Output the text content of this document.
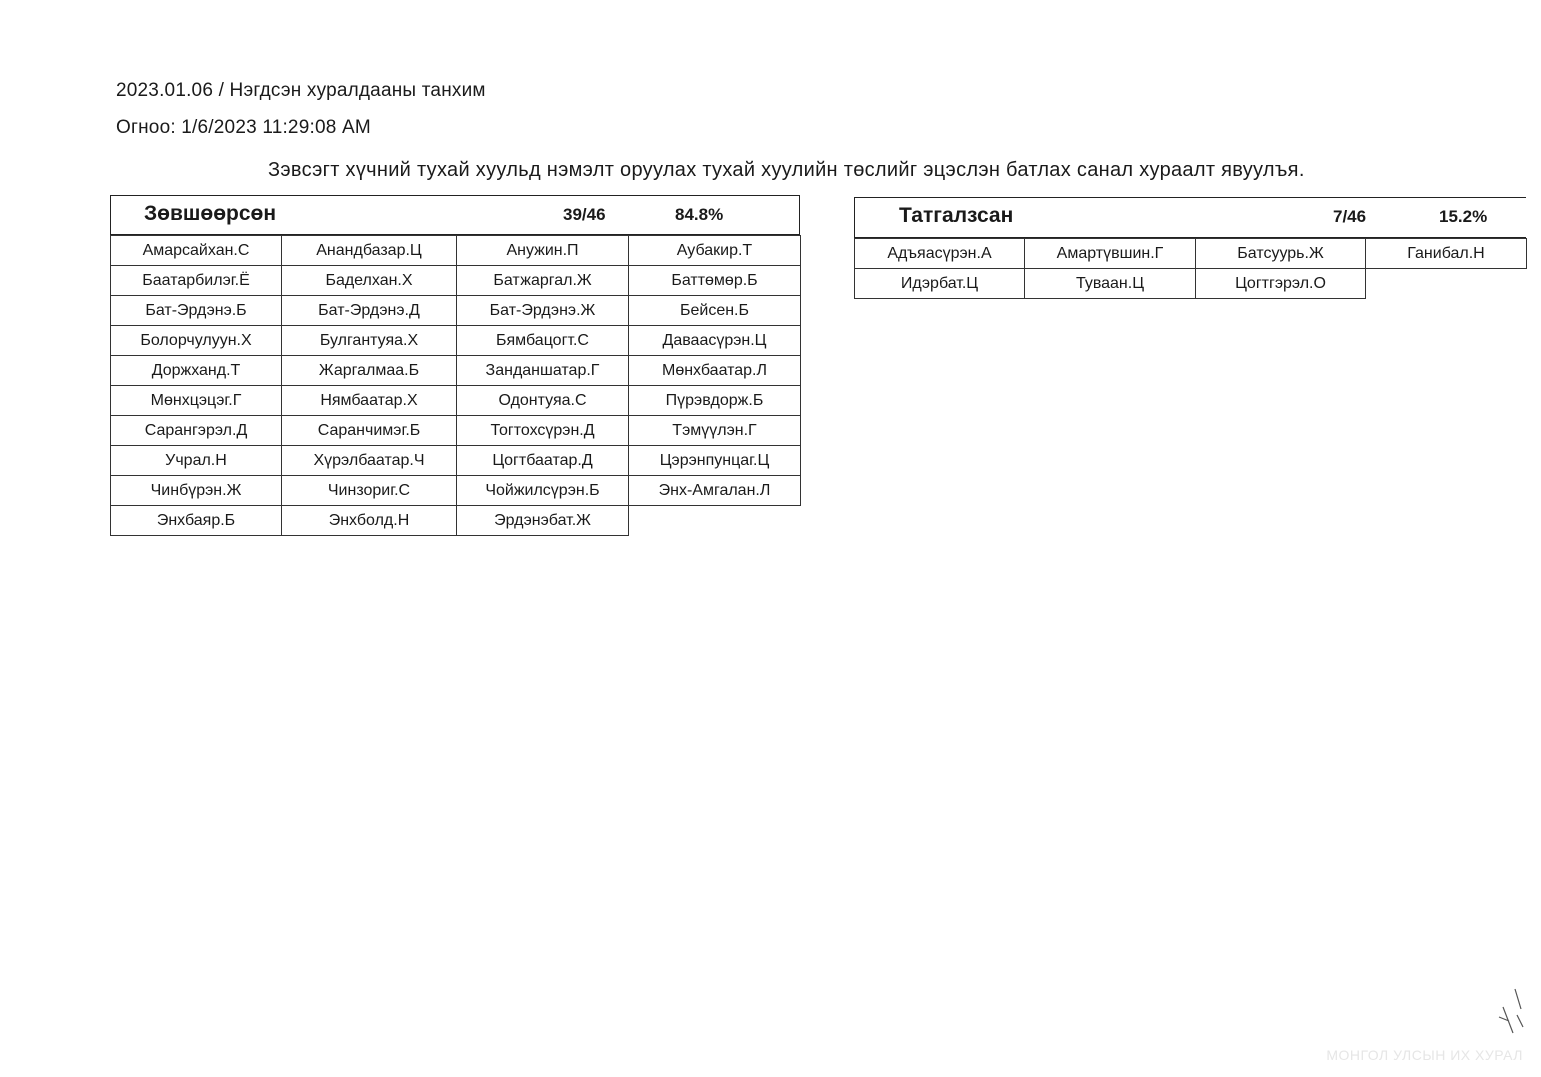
2023.01.06 / Нэгдсэн хуралдааны танхим
Огноо: 1/6/2023 11:29:08 AM
Зэвсэгт хүчний тухай хуульд нэмэлт оруулах тухай хуулийн төслийг эцэслэн батлах санал хураалт явуулъя.
Зөвшөөрсөн	39/46	84.8%
Амарсайхан.С	Анандбазар.Ц	Анужин.П	Аубакир.Т
Баатарбилэг.Ё	Баделхан.Х	Батжаргал.Ж	Баттөмөр.Б
Бат-Эрдэнэ.Б	Бат-Эрдэнэ.Д	Бат-Эрдэнэ.Ж	Бейсен.Б
Болорчулуун.Х	Булгантуяа.Х	Бямбацогт.С	Даваасүрэн.Ц
Доржханд.Т	Жаргалмаа.Б	Занданшатар.Г	Мөнхбаатар.Л
Мөнхцэцэг.Г	Нямбаатар.Х	Одонтуяа.С	Пүрэвдорж.Б
Сарангэрэл.Д	Саранчимэг.Б	Тогтохсүрэн.Д	Тэмүүлэн.Г
Учрал.Н	Хүрэлбаатар.Ч	Цогтбаатар.Д	Цэрэнпунцаг.Ц
Чинбүрэн.Ж	Чинзориг.С	Чойжилсүрэн.Б	Энх-Амгалан.Л
Энхбаяр.Б	Энхболд.Н	Эрдэнэбат.Ж	
Татгалзсан	7/46	15.2%
Адъяасүрэн.А	Амартүвшин.Г	Батсуурь.Ж	Ганибал.Н
Идэрбат.Ц	Туваан.Ц	Цогтгэрэл.О	
МОНГОЛ УЛСЫН ИХ ХУРАЛ
